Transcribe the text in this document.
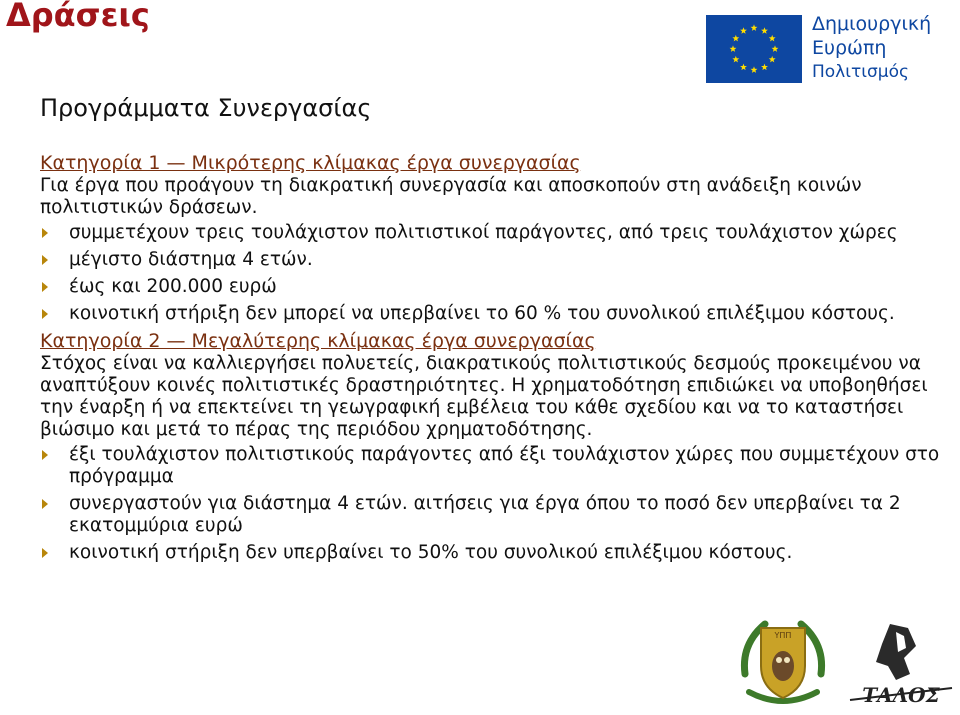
Δράσεις	Δημιουργική
Ευρώπη
Πολιτισμός
Προγράμματα Συνεργασίας
Κατηγορία 1 — Μικρότερης κλίμακας έργα συνεργασίας

Για έργα που προάγουν τη διακρατική συνεργασία και αποσκοπούν στη ανάδειξη κοινών πολιτιστικών δράσεων.

συμμετέχουν τρεις τουλάχιστον πολιτιστικοί παράγοντες, από τρεις τουλάχιστον χώρες
μέγιστο διάστημα 4 ετών.
έως και 200.000 ευρώ
κοινοτική στήριξη δεν μπορεί να υπερβαίνει το 60 % του συνολικού επιλέξιμου κόστους.
Κατηγορία 2 — Μεγαλύτερης κλίμακας έργα συνεργασίας

Στόχος είναι να καλλιεργήσει πολυετείς, διακρατικούς πολιτιστικούς δεσμούς προκειμένου να αναπτύξουν κοινές πολιτιστικές δραστηριότητες. Η χρηματοδότηση επιδιώκει να υποβοηθήσει την έναρξη ή να επεκτείνει τη γεωγραφική εμβέλεια του κάθε σχεδίου και να το καταστήσει βιώσιμο και μετά το πέρας της περιόδου χρηματοδότησης.

έξι τουλάχιστον πολιτιστικούς παράγοντες από έξι τουλάχιστον χώρες που συμμετέχουν στο πρόγραμμα
συνεργαστούν για διάστημα 4 ετών. αιτήσεις για έργα όπου το ποσό δεν υπερβαίνει τα 2 εκατομμύρια ευρώ
κοινοτική στήριξη δεν υπερβαίνει το 50% του συνολικού επιλέξιμου κόστους.
ΥΠΠ
ΤΑΛΟΣ
